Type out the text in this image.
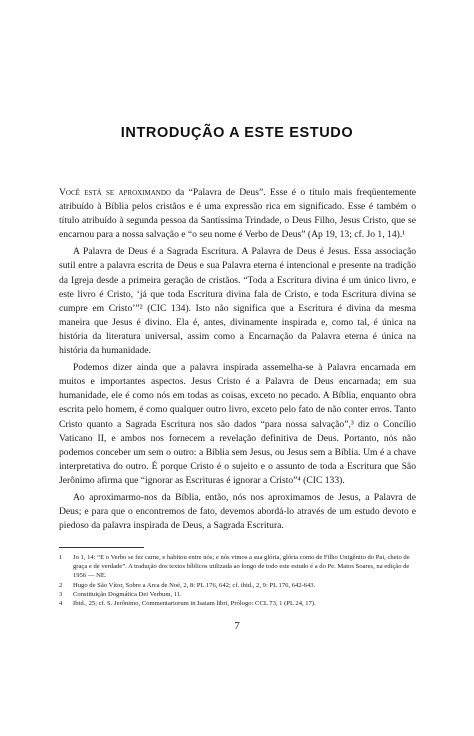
INTRODUÇÃO A ESTE ESTUDO

Você está se aproximando da “Palavra de Deus”. Esse é o título mais freqüentemente atribuído à Bíblia pelos cristãos e é uma expressão rica em significado. Esse é também o título atribuído à segunda pessoa da Santíssima Trindade, o Deus Filho, Jesus Cristo, que se encarnou para a nossa salvação e “o seu nome é Verbo de Deus” (Ap 19, 13; cf. Jo 1, 14).¹

A Palavra de Deus é a Sagrada Escritura. A Palavra de Deus é Jesus. Essa associação sutil entre a palavra escrita de Deus e sua Palavra eterna é intencional e presente na tradição da Igreja desde a primeira geração de cristãos. “Toda a Escritura divina é um único livro, e este livro é Cristo, ‘já que toda Escritura divina fala de Cristo, e toda Escritura divina se cumpre em Cristo’”² (CIC 134). Isto não significa que a Escritura é divina da mesma maneira que Jesus é divino. Ela é, antes, divinamente inspirada e, como tal, é única na história da literatura universal, assim como a Encarnação da Palavra eterna é única na história da humanidade.

Podemos dizer ainda que a palavra inspirada assemelha-se à Palavra encarnada em muitos e importantes aspectos. Jesus Cristo é a Palavra de Deus encarnada; em sua humanidade, ele é como nós em todas as coisas, exceto no pecado. A Bíblia, enquanto obra escrita pelo homem, é como qualquer outro livro, exceto pelo fato de não conter erros. Tanto Cristo quanto a Sagrada Escritura nos são dados “para nossa salvação”,³ diz o Concílio Vaticano II, e ambos nos fornecem a revelação definitiva de Deus. Portanto, nós não podemos conceber um sem o outro: a Bíblia sem Jesus, ou Jesus sem a Bíblia. Um é a chave interpretativa do outro. É porque Cristo é o sujeito e o assunto de toda a Escritura que São Jerônimo afirma que “ignorar as Escrituras é ignorar a Cristo”⁴ (CIC 133).

Ao aproximarmo-nos da Bíblia, então, nós nos aproximamos de Jesus, a Palavra de Deus; e para que o encontremos de fato, devemos abordá-lo através de um estudo devoto e piedoso da palavra inspirada de Deus, a Sagrada Escritura.

1	Jo 1, 14: “E o Verbo se fez carne, e habitou entre nós; e nós vimos a sua glória, glória como de Filho Unigênito do Pai, cheio de graça e de verdade”. A tradução dos textos bíblicos utilizada ao longo de todo este estudo é a do Pe. Matos Soares, na edição de 1956 — NE.
2	Hugo de São Vítor, Sobre a Arca de Noé, 2, 8: PL 176, 642; cf. ibid., 2, 9: PL 176, 642-643.
3	Constituição Dogmática Dei Verbum, 11.
4	Ibid., 25; cf. S. Jerônimo, Commentariorum in Isaiam libri, Prólogo: CCL 73, 1 (PL 24, 17).
7
